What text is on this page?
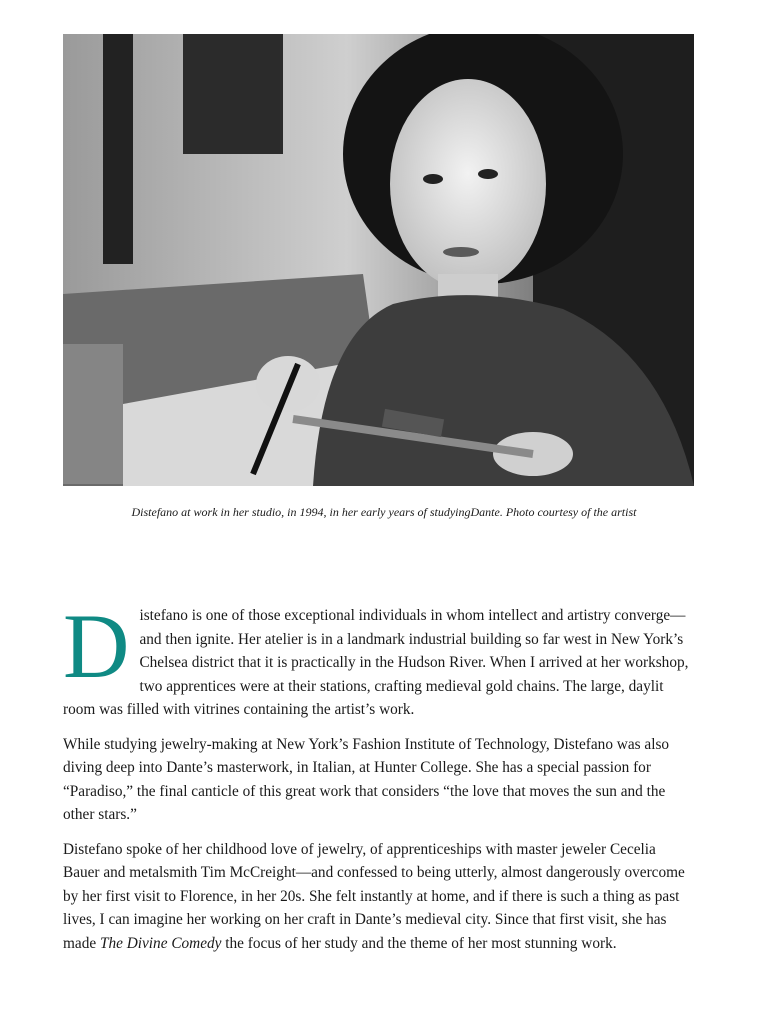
Distefano at work in her studio, in 1994, in her early years of studyingDante. Photo courtesy of the artist

Distefano is one of those exceptional individuals in whom intellect and artistry converge—and then ignite. Her atelier is in a landmark industrial building so far west in New York’s Chelsea district that it is practically in the Hudson River. When I arrived at her workshop, two apprentices were at their stations, crafting medieval gold chains. The large, daylit room was filled with vitrines containing the artist’s work.

While studying jewelry-making at New York’s Fashion Institute of Technology, Distefano was also diving deep into Dante’s masterwork, in Italian, at Hunter College. She has a special passion for “Paradiso,” the final canticle of this great work that considers “the love that moves the sun and the other stars.”

Distefano spoke of her childhood love of jewelry, of apprenticeships with master jeweler Cecelia Bauer and metalsmith Tim McCreight—and confessed to being utterly, almost dangerously overcome by her first visit to Florence, in her 20s. She felt instantly at home, and if there is such a thing as past lives, I can imagine her working on her craft in Dante’s medieval city. Since that first visit, she has made The Divine Comedy the focus of her study and the theme of her most stunning work.
